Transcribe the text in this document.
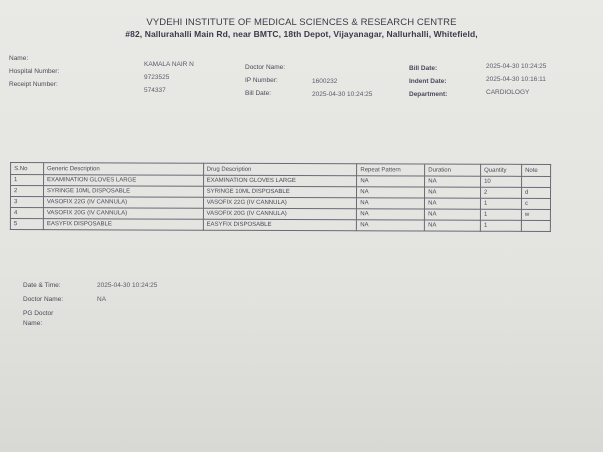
VYDEHI INSTITUTE OF MEDICAL SCIENCES & RESEARCH CENTRE
#82, Nallurahalli Main Rd, near BMTC, 18th Depot, Vijayanagar, Nallurhalli, Whitefield,
Name:
KAMALA NAIR N
Hospital Number:
9723525
Receipt Number:
574337
Doctor Name:
IP Number:	1600232
Bill Date:	2025-04-30 10:24:25
Bill Date:	2025-04-30 10:24:25
Indent Date:	2025-04-30 10:16:11
Department:	CARDIOLOGY
S.No	Generic Description	Drug Description	Repeat Pattern	Duration	Quantity	Note
1	EXAMINATION GLOVES LARGE	EXAMINATION GLOVES LARGE	NA	NA	10	
2	SYRINGE 10ML DISPOSABLE	SYRINGE 10ML DISPOSABLE	NA	NA	2	d
3	VASOFIX 22G (IV CANNULA)	VASOFIX 22G (IV CANNULA)	NA	NA	1	c
4	VASOFIX 20G (IV CANNULA)	VASOFIX 20G (IV CANNULA)	NA	NA	1	w
5	EASYFIX DISPOSABLE	EASYFIX DISPOSABLE	NA	NA	1	
Date & Time:	2025-04-30 10:24:25
Doctor Name:	NA
PG Doctor
Name:
